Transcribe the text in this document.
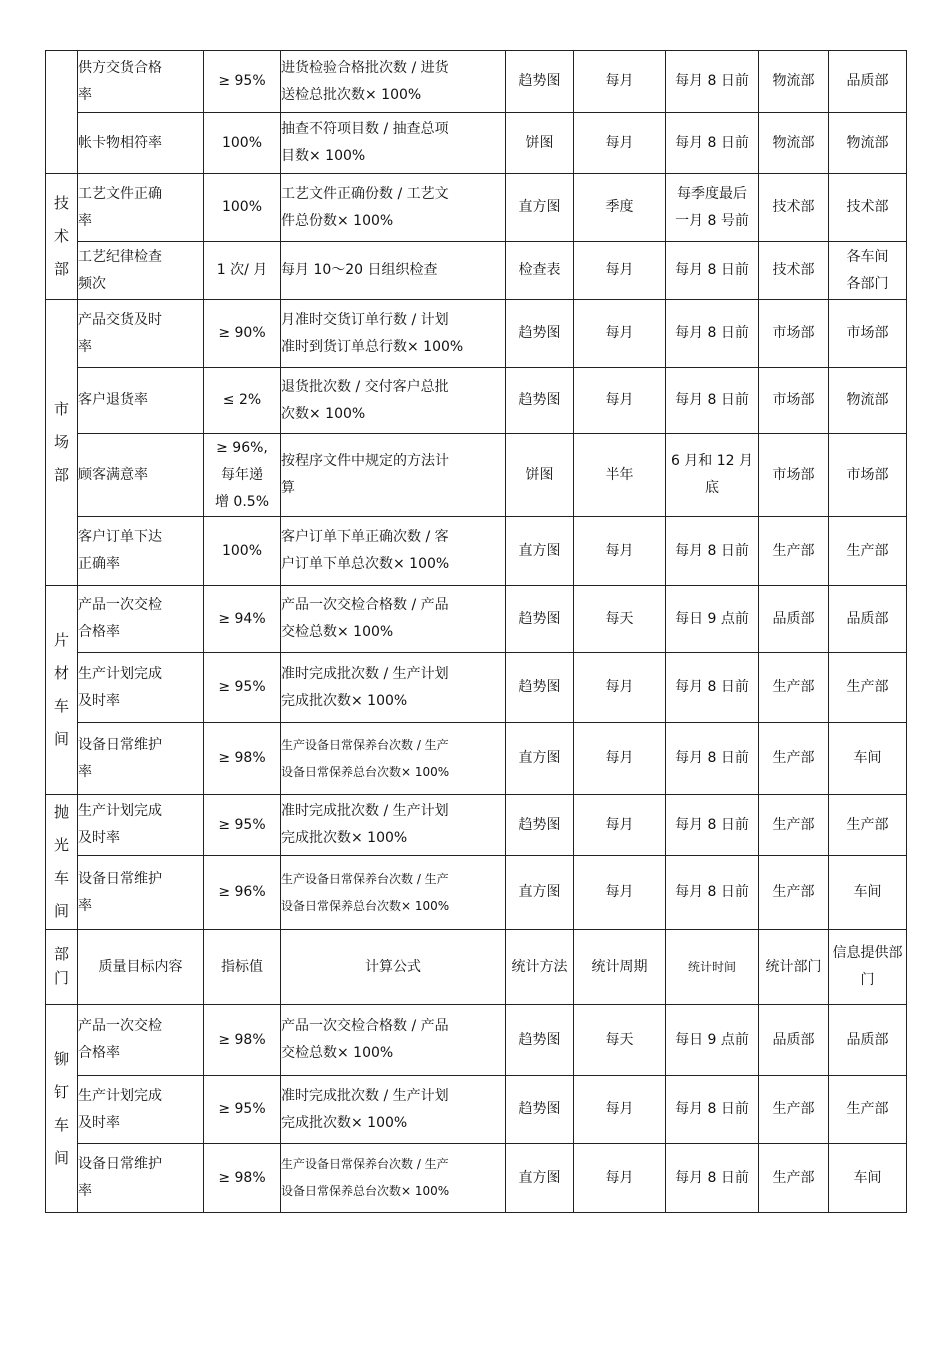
	供方交货合格
率	≥ 95%	进货检验合格批次数 / 进货
送检总批次数× 100%	趋势图	每月	每月 8 日前	物流部	品质部

	帐卡物相符率	100%	抽查不符项目数 / 抽查总项
目数× 100%	饼图	每月	每月 8 日前	物流部	物流部

技术部	工艺文件正确
率	100%	工艺文件正确份数 / 工艺文
件总份数× 100%	直方图	季度	每季度最后
一月 8 号前	技术部	技术部

	工艺纪律检查
频次	1 次/ 月	每月 10～20 日组织检查	检查表	每月	每月 8 日前	技术部	各车间
各部门

市场部	产品交货及时
率	≥ 90%	月准时交货订单行数 / 计划
准时到货订单总行数× 100%	趋势图	每月	每月 8 日前	市场部	市场部

	客户退货率	≤ 2%	退货批次数 / 交付客户总批
次数× 100%	趋势图	每月	每月 8 日前	市场部	物流部

	顾客满意率	≥ 96%,
每年递
增 0.5%	按程序文件中规定的方法计
算	饼图	半年	6 月和 12 月
底	市场部	市场部

	客户订单下达
正确率	100%	客户订单下单正确次数 / 客
户订单下单总次数× 100%	直方图	每月	每月 8 日前	生产部	生产部

片材车间	产品一次交检
合格率	≥ 94%	产品一次交检合格数 / 产品
交检总数× 100%	趋势图	每天	每日 9 点前	品质部	品质部

	生产计划完成
及时率	≥ 95%	准时完成批次数 / 生产计划
完成批次数× 100%	趋势图	每月	每月 8 日前	生产部	生产部

	设备日常维护
率	≥ 98%	生产设备日常保养台次数 / 生产
设备日常保养总台次数× 100%	直方图	每月	每月 8 日前	生产部	车间

抛光车间	生产计划完成
及时率	≥ 95%	准时完成批次数 / 生产计划
完成批次数× 100%	趋势图	每月	每月 8 日前	生产部	生产部

	设备日常维护
率	≥ 96%	生产设备日常保养台次数 / 生产
设备日常保养总台次数× 100%	直方图	每月	每月 8 日前	生产部	车间

部门	质量目标内容	指标值	计算公式	统计方法	统计周期	统计时间	统计部门	信息提供部门
铆钉车间	产品一次交检
合格率	≥ 98%	产品一次交检合格数 / 产品
交检总数× 100%	趋势图	每天	每日 9 点前	品质部	品质部

	生产计划完成
及时率	≥ 95%	准时完成批次数 / 生产计划
完成批次数× 100%	趋势图	每月	每月 8 日前	生产部	生产部

	设备日常维护
率	≥ 98%	生产设备日常保养台次数 / 生产
设备日常保养总台次数× 100%	直方图	每月	每月 8 日前	生产部	车间
